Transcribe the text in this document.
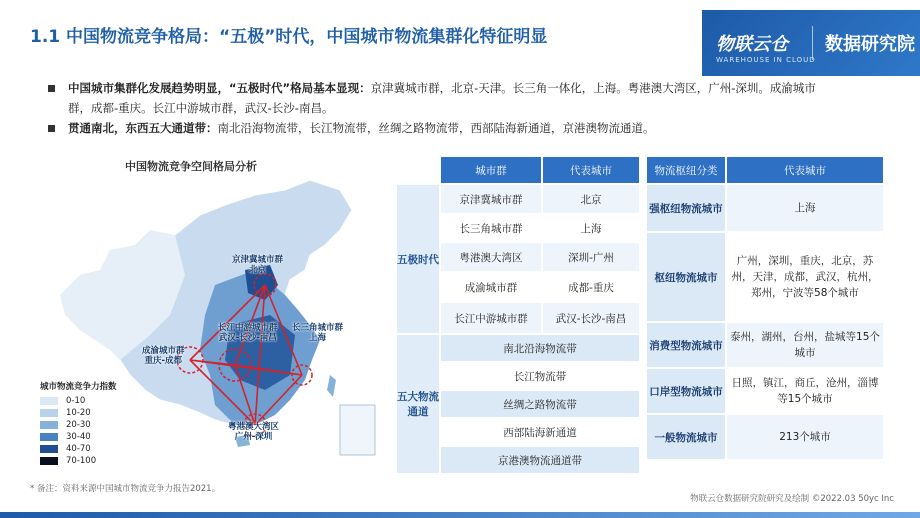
1.1 中国物流竞争格局：“五极”时代，中国城市物流集群化特征明显	物联云仓	数据研究院
WAREHOUSE IN CLOUD
中国城市集群化发展趋势明显，“五极时代”格局基本显现：京津冀城市群，北京-天津。长三角一体化，上海。粤港澳大湾区，广州-深圳。成渝城市群，成都-重庆。长江中游城市群，武汉-长沙-南昌。
贯通南北，东西五大通道带：南北沿海物流带，长江物流带，丝绸之路物流带，西部陆海新通道，京港澳物流通道。
中国物流竞争空间格局分析
京津冀城市群
北京
长三角城市群
上海
长江中游城市群
武汉-长沙-南昌
成渝城市群
重庆-成都
粤港澳大湾区
广州-深圳
城市物流竞争力指数
0-10
10-20
20-30
30-40
40-70
70-100
	城市群	代表城市
五极时代	京津冀城市群	北京
	长三角城市群	上海
	粤港澳大湾区	深圳-广州
	成渝城市群	成都-重庆
	长江中游城市群	武汉-长沙-南昌
五大物流通道	南北沿海物流带	
	长江物流带	
	丝绸之路物流带	
	西部陆海新通道	
	京港澳物流通道带	
物流枢纽分类	代表城市
强枢纽物流城市	上海
枢纽物流城市	广州，深圳，重庆，北京，苏州，天津，成都，武汉，杭州，郑州，宁波等58个城市
消费型物流城市	泰州，湖州，台州，盐城等15个城市
口岸型物流城市	日照，镇江，商丘，沧州，淄博等15个城市
一般物流城市	213个城市
* 备注：资料来源中国城市物流竞争力报告2021。
物联云仓数据研究院研究及绘制 ©2022.03 50yc Inc
